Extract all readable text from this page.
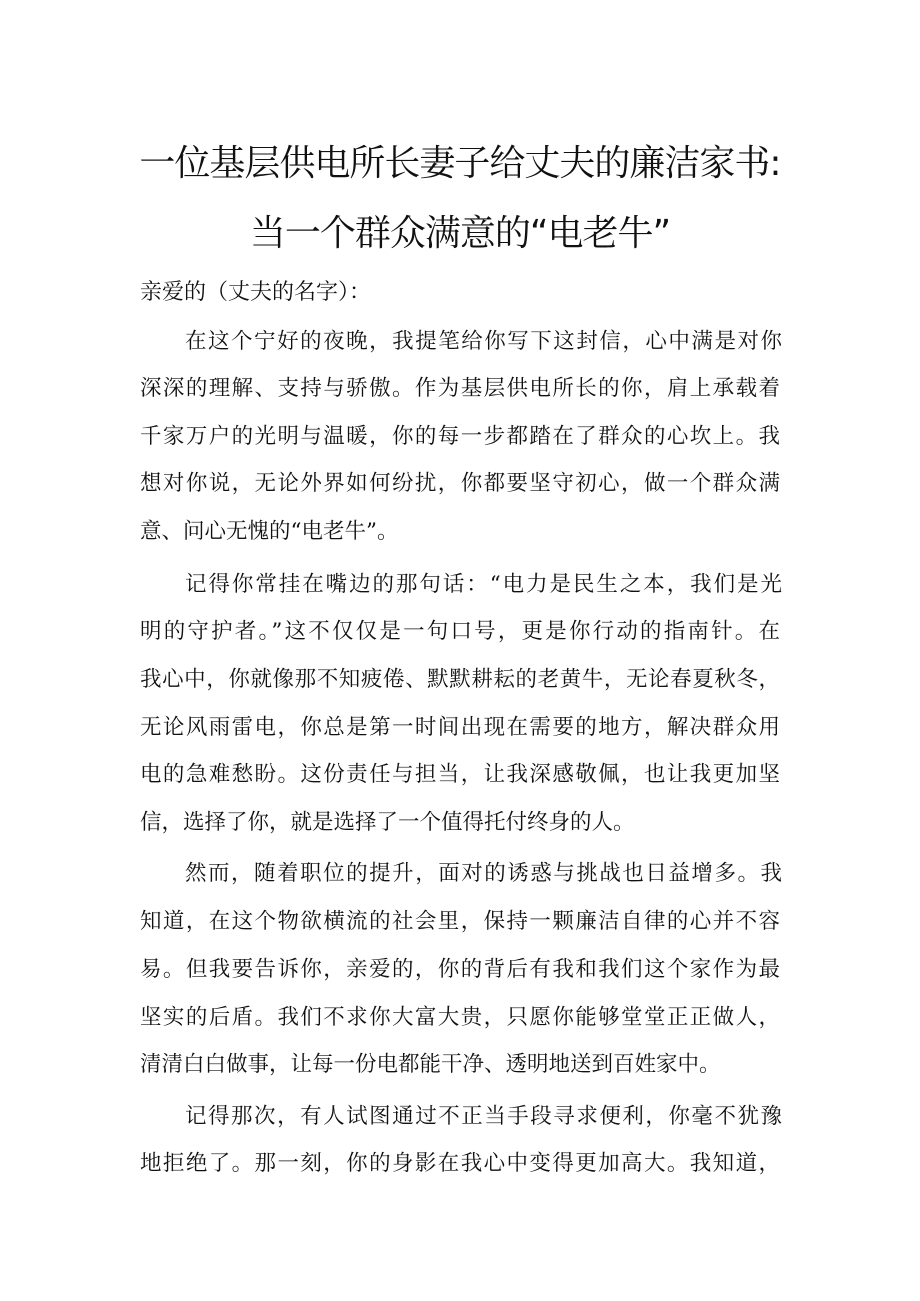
一位基层供电所长妻子给丈夫的廉洁家书:
当一个群众满意的“电老牛”
亲爱的（丈夫的名字）：
在这个宁好的夜晚，我提笔给你写下这封信，心中满是对你
深深的理解、支持与骄傲。作为基层供电所长的你，肩上承载着
千家万户的光明与温暖，你的每一步都踏在了群众的心坎上。我
想对你说，无论外界如何纷扰，你都要坚守初心，做一个群众满
意、问心无愧的“电老牛”。
记得你常挂在嘴边的那句话：“电力是民生之本，我们是光
明的守护者。”这不仅仅是一句口号，更是你行动的指南针。在
我心中，你就像那不知疲倦、默默耕耘的老黄牛，无论春夏秋冬，
无论风雨雷电，你总是第一时间出现在需要的地方，解决群众用
电的急难愁盼。这份责任与担当，让我深感敬佩，也让我更加坚
信，选择了你，就是选择了一个值得托付终身的人。
然而，随着职位的提升，面对的诱惑与挑战也日益增多。我
知道，在这个物欲横流的社会里，保持一颗廉洁自律的心并不容
易。但我要告诉你，亲爱的，你的背后有我和我们这个家作为最
坚实的后盾。我们不求你大富大贵，只愿你能够堂堂正正做人，
清清白白做事，让每一份电都能干净、透明地送到百姓家中。
记得那次，有人试图通过不正当手段寻求便利，你毫不犹豫
地拒绝了。那一刻，你的身影在我心中变得更加高大。我知道，
